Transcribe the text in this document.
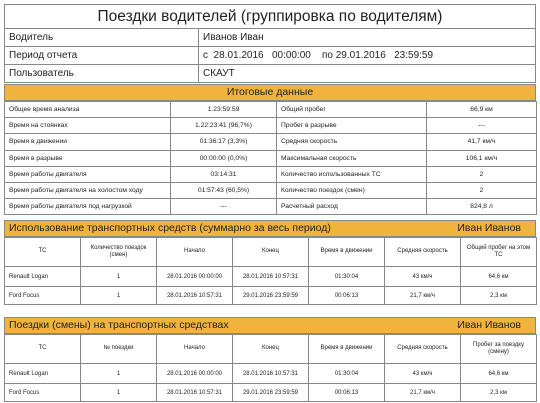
Поездки водителей (группировка по водителям)
Водитель	Иванов Иван
Период отчета	с  28.01.2016   00:00:00    по 29.01.2016   23:59:59
Пользователь	СКАУТ
Итоговые данные
Общее время анализа	1.23:59:59	Общий пробег	66,9 км
Время на стоянках	1.22:23:41 (96,7%)	Пробег в разрыве	---
Время в движении	01:36:17 (3,3%)	Средняя скорость	41,7 км/ч
Время в разрыве	00:00:00 (0,0%)	Максимальная скорость	106,1 км/ч
Время работы двигателя	03:14:31	Количество использованных ТС	2
Время работы двигателя на холостом ходу	01:57:43 (60,5%)	Количество поездок (смен)	2
Время работы двигателя под нагрузкой	---	Расчетный расход	824,8 л
Использование транспортных средств (суммарно за весь период)	Иван Иванов
ТС	Количество поездок (смен)	Начало	Конец	Время в движении	Средняя скорость	Общий пробег на этом ТС
Renault Logan	1	28.01.2016 00:00:00	28.01.2016 10:57:31	01:30:04	43 км/ч	64,6 км
Ford Focus	1	28.01.2016 10:57:31	29.01.2016 23:59:59	00:06:13	21,7 км/ч	2,3 км
Поездки (смены) на транспортных средствах	Иван Иванов
ТС	№ поездки	Начало	Конец	Время в движении	Средняя скорость	Пробег за поездку (смену)
Renault Logan	1	28.01.2016 00:00:00	28.01.2016 10:57:31	01:30:04	43 км/ч	64,6 км
Ford Focus	1	28.01.2016 10:57:31	29.01.2016 23:59:59	00:06:13	21,7 км/ч	2,3 км
